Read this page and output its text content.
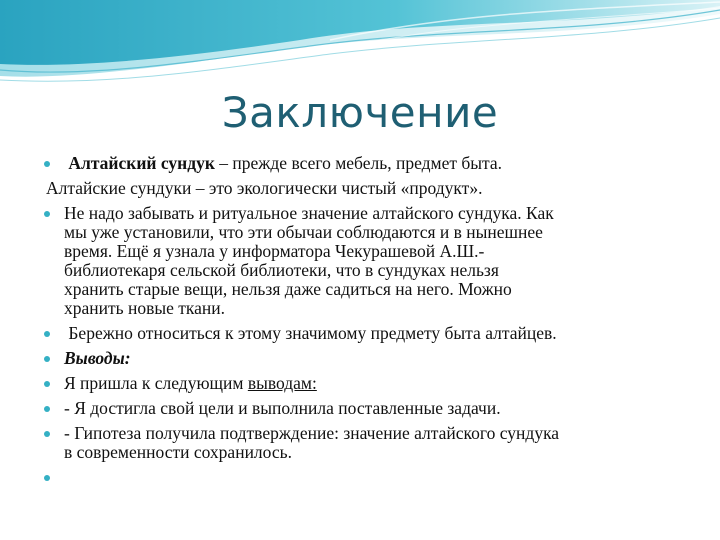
Заключение
Алтайский сундук – прежде всего мебель, предмет быта.
Алтайские сундуки – это экологически чистый «продукт».
Не надо забывать и ритуальное значение алтайского сундука. Как
мы уже установили, что эти обычаи соблюдаются и в нынешнее
время. Ещё я узнала у информатора Чекурашевой А.Ш.-
библиотекаря сельской библиотеки, что в сундуках нельзя
хранить старые вещи, нельзя даже садиться на него. Можно
хранить новые ткани.
Бережно относиться к этому значимому предмету быта алтайцев.
Выводы:
Я пришла к следующим выводам:
- Я достигла свой цели и выполнила поставленные задачи.
- Гипотеза получила подтверждение: значение алтайского сундука
в современности сохранилось.
